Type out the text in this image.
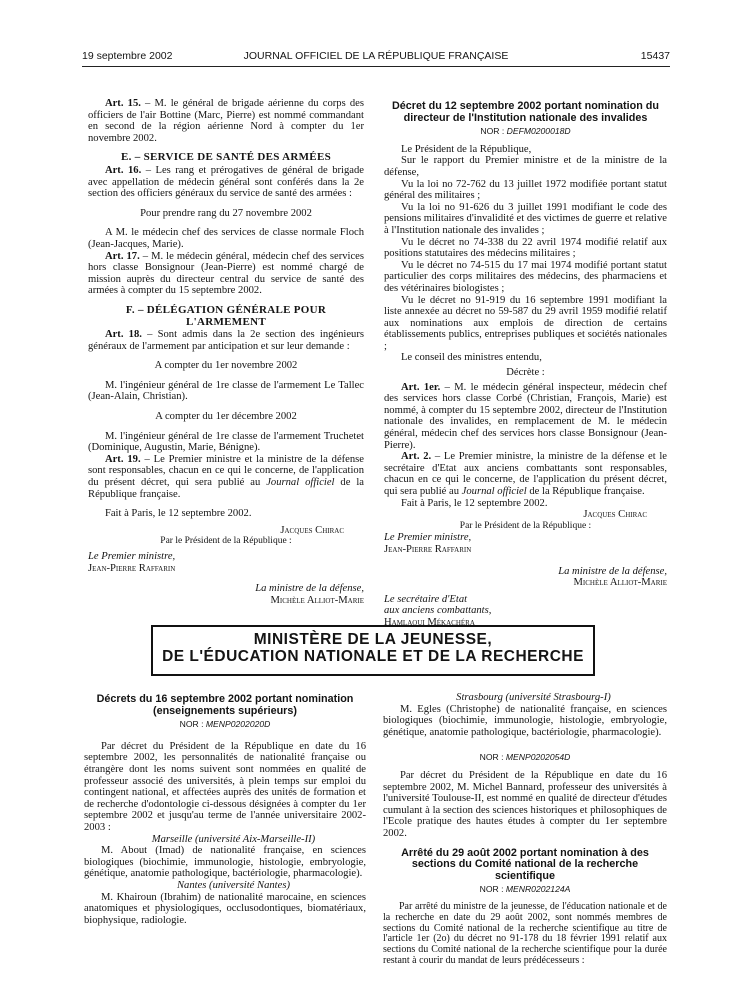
19 septembre 2002	JOURNAL OFFICIEL DE LA RÉPUBLIQUE FRANÇAISE	15437

Art. 15. – M. le général de brigade aérienne du corps des officiers de l'air Bottine (Marc, Pierre) est nommé commandant en second de la région aérienne Nord à compter du 1er novembre 2002.

E. – SERVICE DE SANTÉ DES ARMÉES

Art. 16. – Les rang et prérogatives de général de brigade avec appellation de médecin général sont conférés dans la 2e section des officiers généraux du service de santé des armées :

Pour prendre rang du 27 novembre 2002

A M. le médecin chef des services de classe normale Floch (Jean-Jacques, Marie).

Art. 17. – M. le médecin général, médecin chef des services hors classe Bonsignour (Jean-Pierre) est nommé chargé de mission auprès du directeur central du service de santé des armées à compter du 15 septembre 2002.

F. – DÉLÉGATION GÉNÉRALE POUR L'ARMEMENT

Art. 18. – Sont admis dans la 2e section des ingénieurs généraux de l'armement par anticipation et sur leur demande :

A compter du 1er novembre 2002

M. l'ingénieur général de 1re classe de l'armement Le Tallec (Jean-Alain, Christian).

A compter du 1er décembre 2002

M. l'ingénieur général de 1re classe de l'armement Truchetet (Dominique, Augustin, Marie, Bénigne).

Art. 19. – Le Premier ministre et la ministre de la défense sont responsables, chacun en ce qui le concerne, de l'application du présent décret, qui sera publié au Journal officiel de la République française.

Fait à Paris, le 12 septembre 2002.

Jacques Chirac

Par le Président de la République :

Le Premier ministre,

Jean-Pierre Raffarin

La ministre de la défense,

Michèle Alliot-Marie

Décret du 12 septembre 2002 portant nomination du directeur de l'Institution nationale des invalides
NOR : DEFM0200018D

Le Président de la République,

Sur le rapport du Premier ministre et de la ministre de la défense,

Vu la loi no 72-762 du 13 juillet 1972 modifiée portant statut général des militaires ;

Vu la loi no 91-626 du 3 juillet 1991 modifiant le code des pensions militaires d'invalidité et des victimes de guerre et relative à l'Institution nationale des invalides ;

Vu le décret no 74-338 du 22 avril 1974 modifié relatif aux positions statutaires des médecins militaires ;

Vu le décret no 74-515 du 17 mai 1974 modifié portant statut particulier des corps militaires des médecins, des pharmaciens et des vétérinaires biologistes ;

Vu le décret no 91-919 du 16 septembre 1991 modifiant la liste annexée au décret no 59-587 du 29 avril 1959 modifié relatif aux nominations aux emplois de direction de certains établissements publics, entreprises publiques et sociétés nationales ;

Le conseil des ministres entendu,

Décrète :

Art. 1er. – M. le médecin général inspecteur, médecin chef des services hors classe Corbé (Christian, François, Marie) est nommé, à compter du 15 septembre 2002, directeur de l'Institution nationale des invalides, en remplacement de M. le médecin général, médecin chef des services hors classe Bonsignour (Jean-Pierre).

Art. 2. – Le Premier ministre, la ministre de la défense et le secrétaire d'Etat aux anciens combattants sont responsables, chacun en ce qui le concerne, de l'application du présent décret, qui sera publié au Journal officiel de la République française.

Fait à Paris, le 12 septembre 2002.

Jacques Chirac

Par le Président de la République :

Le Premier ministre,

Jean-Pierre Raffarin

La ministre de la défense,

Michèle Alliot-Marie

Le secrétaire d'Etat

aux anciens combattants,

Hamlaoui Mékachéra

MINISTÈRE DE LA JEUNESSE,
DE L'ÉDUCATION NATIONALE ET DE LA RECHERCHE
Décrets du 16 septembre 2002 portant nomination (enseignements supérieurs)
NOR : MENP0202020D

Par décret du Président de la République en date du 16 septembre 2002, les personnalités de nationalité française ou étrangère dont les noms suivent sont nommées en qualité de professeur associé des universités, à plein temps sur emploi du contingent national, et affectées auprès des unités de formation et de recherche d'odontologie ci-dessous désignées à compter du 1er septembre 2002 et jusqu'au terme de l'année universitaire 2002-2003 :

Marseille (université Aix-Marseille-II)

M. About (Imad) de nationalité française, en sciences biologiques (biochimie, immunologie, histologie, embryologie, génétique, anatomie pathologique, bactériologie, pharmacologie).

Nantes (université Nantes)

M. Khairoun (Ibrahim) de nationalité marocaine, en sciences anatomiques et physiologiques, occlusodontiques, biomatériaux, biophysique, radiologie.

Strasbourg (université Strasbourg-I)

M. Egles (Christophe) de nationalité française, en sciences biologiques (biochimie, immunologie, histologie, embryologie, génétique, anatomie pathologique, bactériologie, pharmacologie).

NOR : MENP0202054D

Par décret du Président de la République en date du 16 septembre 2002, M. Michel Bannard, professeur des universités à l'université Toulouse-II, est nommé en qualité de directeur d'études cumulant à la section des sciences historiques et philosophiques de l'Ecole pratique des hautes études à compter du 1er septembre 2002.

Arrêté du 29 août 2002 portant nomination à des sections du Comité national de la recherche scientifique
NOR : MENR0202124A

Par arrêté du ministre de la jeunesse, de l'éducation nationale et de la recherche en date du 29 août 2002, sont nommés membres de sections du Comité national de la recherche scientifique au titre de l'article 1er (2o) du décret no 91-178 du 18 février 1991 relatif aux sections du Comité national de la recherche scientifique pour la durée restant à courir du mandat de leurs prédécesseurs :
